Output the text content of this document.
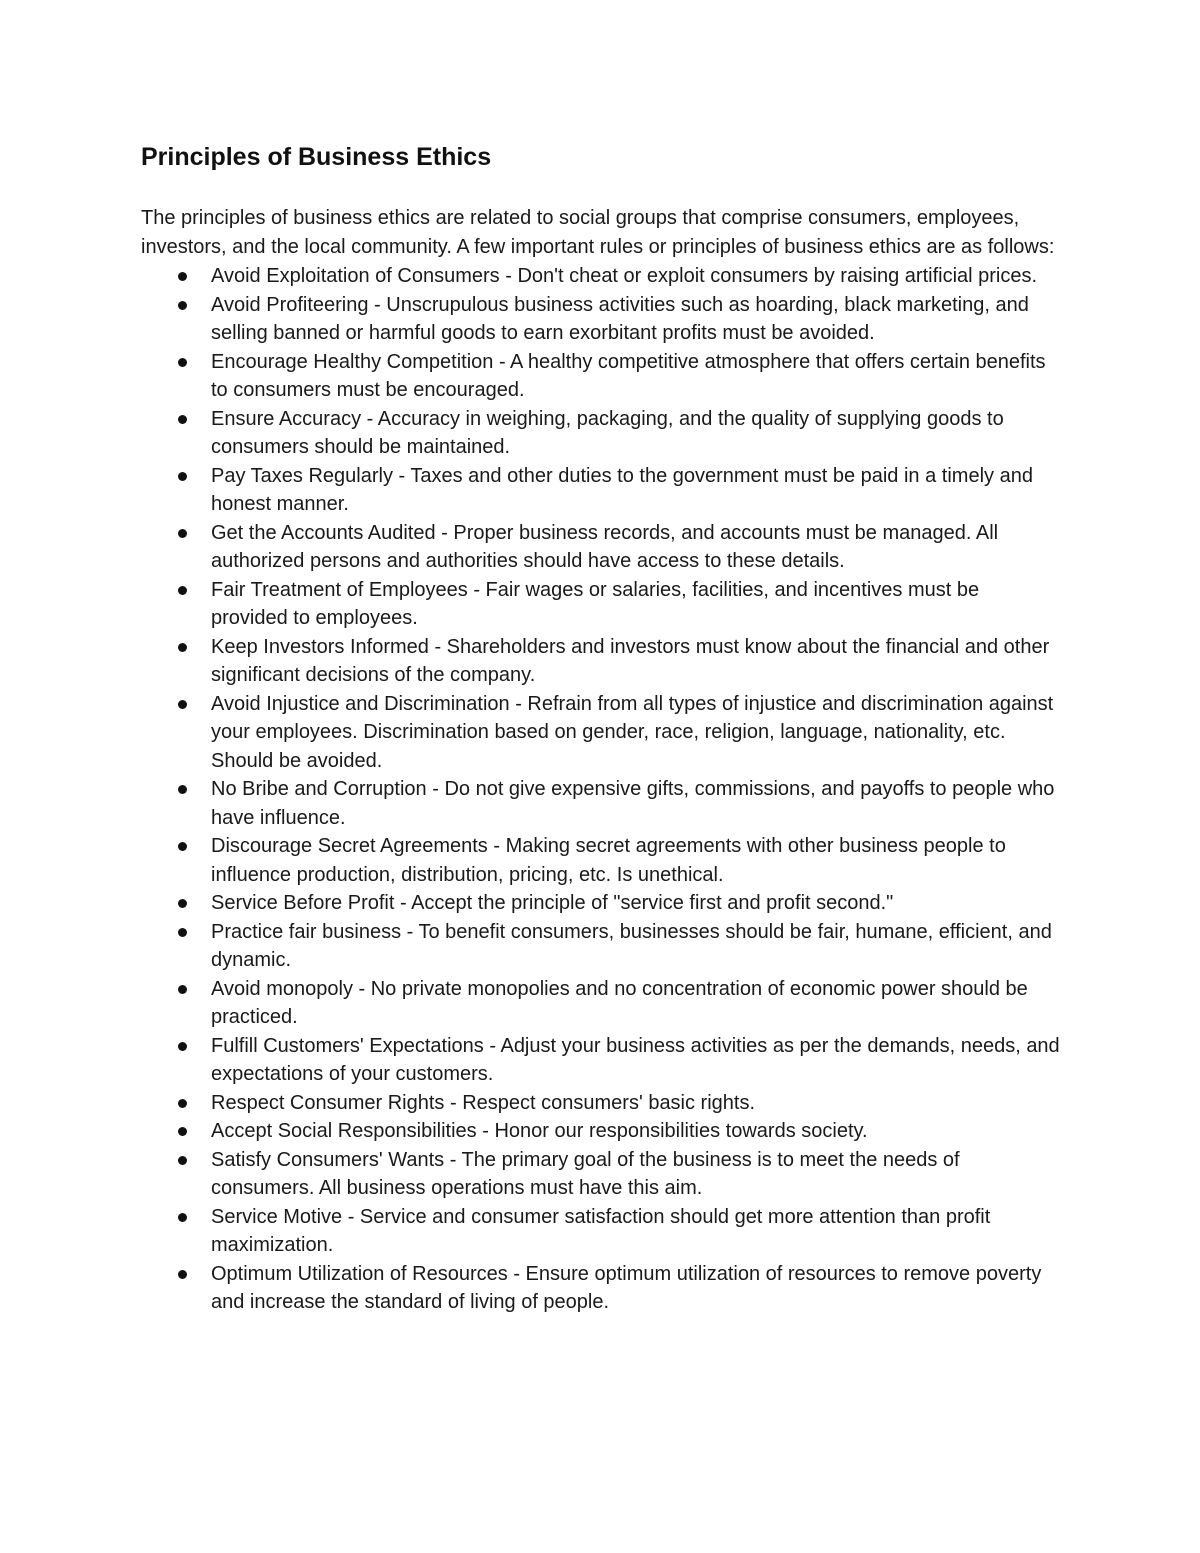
Principles of Business Ethics

The principles of business ethics are related to social groups that comprise consumers, employees, investors, and the local community. A few important rules or principles of business ethics are as follows:

Avoid Exploitation of Consumers - Don't cheat or exploit consumers by raising artificial prices.
Avoid Profiteering - Unscrupulous business activities such as hoarding, black marketing, and selling banned or harmful goods to earn exorbitant profits must be avoided.
Encourage Healthy Competition - A healthy competitive atmosphere that offers certain benefits to consumers must be encouraged.
Ensure Accuracy - Accuracy in weighing, packaging, and the quality of supplying goods to consumers should be maintained.
Pay Taxes Regularly - Taxes and other duties to the government must be paid in a timely and honest manner.
Get the Accounts Audited - Proper business records, and accounts must be managed. All authorized persons and authorities should have access to these details.
Fair Treatment of Employees - Fair wages or salaries, facilities, and incentives must be provided to employees.
Keep Investors Informed - Shareholders and investors must know about the financial and other significant decisions of the company.
Avoid Injustice and Discrimination - Refrain from all types of injustice and discrimination against your employees. Discrimination based on gender, race, religion, language, nationality, etc. Should be avoided.
No Bribe and Corruption - Do not give expensive gifts, commissions, and payoffs to people who have influence.
Discourage Secret Agreements - Making secret agreements with other business people to influence production, distribution, pricing, etc. Is unethical.
Service Before Profit - Accept the principle of "service first and profit second."
Practice fair business - To benefit consumers, businesses should be fair, humane, efficient, and dynamic.
Avoid monopoly - No private monopolies and no concentration of economic power should be practiced.
Fulfill Customers' Expectations - Adjust your business activities as per the demands, needs, and expectations of your customers.
Respect Consumer Rights - Respect consumers' basic rights.
Accept Social Responsibilities - Honor our responsibilities towards society.
Satisfy Consumers' Wants - The primary goal of the business is to meet the needs of consumers. All business operations must have this aim.
Service Motive - Service and consumer satisfaction should get more attention than profit maximization.
Optimum Utilization of Resources - Ensure optimum utilization of resources to remove poverty and increase the standard of living of people.
